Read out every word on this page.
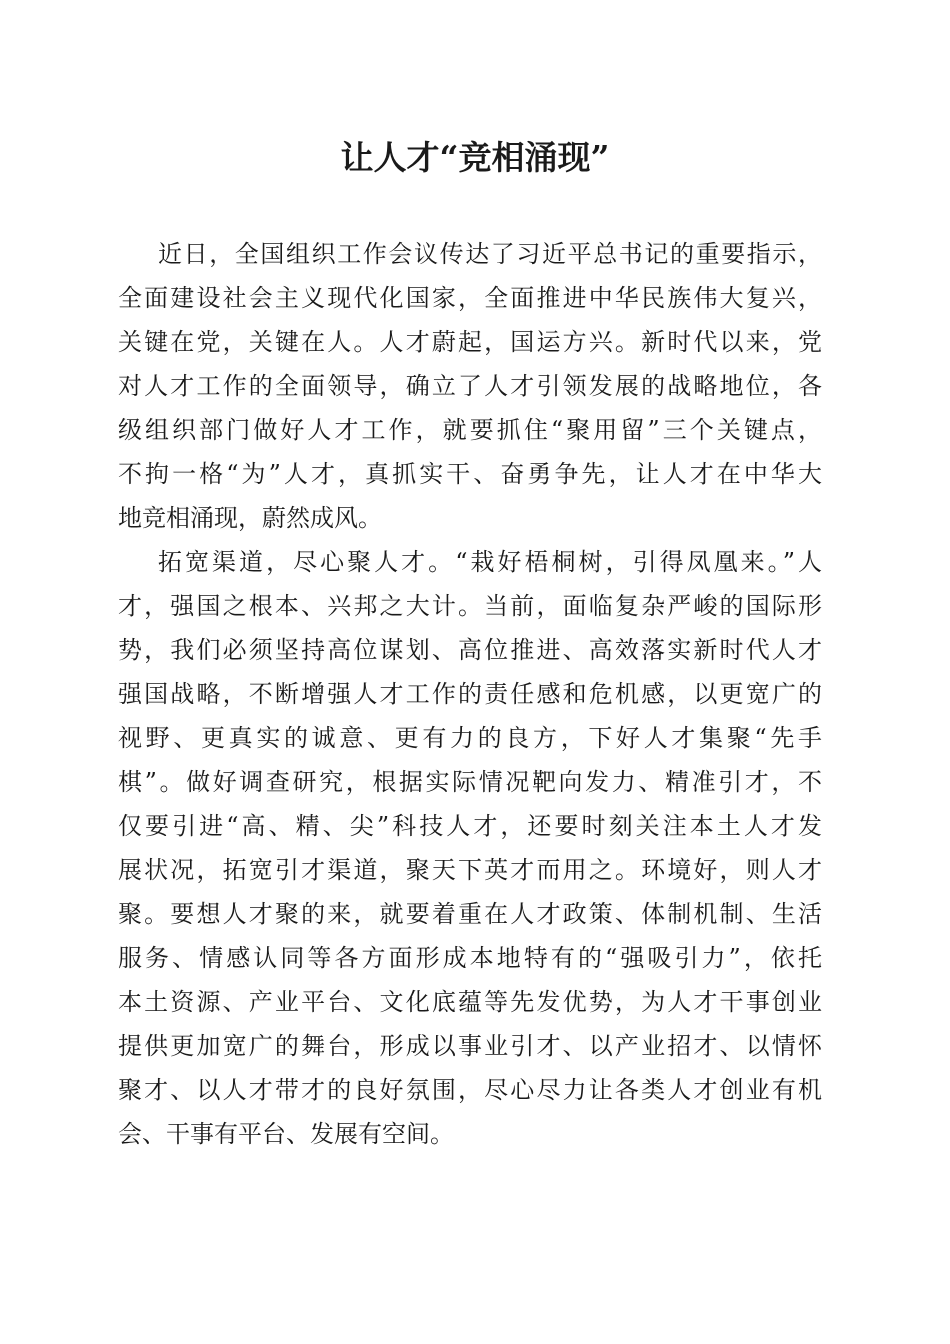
让人才“竞相涌现”
近日，全国组织工作会议传达了习近平总书记的重要指示，
全面建设社会主义现代化国家，全面推进中华民族伟大复兴，
关键在党，关键在人。人才蔚起，国运方兴。新时代以来，党
对人才工作的全面领导，确立了人才引领发展的战略地位，各
级组织部门做好人才工作，就要抓住“聚用留”三个关键点，
不拘一格“为”人才，真抓实干、奋勇争先，让人才在中华大
地竞相涌现，蔚然成风。
拓宽渠道，尽心聚人才。“栽好梧桐树，引得凤凰来。”人
才，强国之根本、兴邦之大计。当前，面临复杂严峻的国际形
势，我们必须坚持高位谋划、高位推进、高效落实新时代人才
强国战略，不断增强人才工作的责任感和危机感，以更宽广的
视野、更真实的诚意、更有力的良方，下好人才集聚“先手
棋”。做好调查研究，根据实际情况靶向发力、精准引才，不
仅要引进“高、精、尖”科技人才，还要时刻关注本土人才发
展状况，拓宽引才渠道，聚天下英才而用之。环境好，则人才
聚。要想人才聚的来，就要着重在人才政策、体制机制、生活
服务、情感认同等各方面形成本地特有的“强吸引力”，依托
本土资源、产业平台、文化底蕴等先发优势，为人才干事创业
提供更加宽广的舞台，形成以事业引才、以产业招才、以情怀
聚才、以人才带才的良好氛围，尽心尽力让各类人才创业有机
会、干事有平台、发展有空间。
